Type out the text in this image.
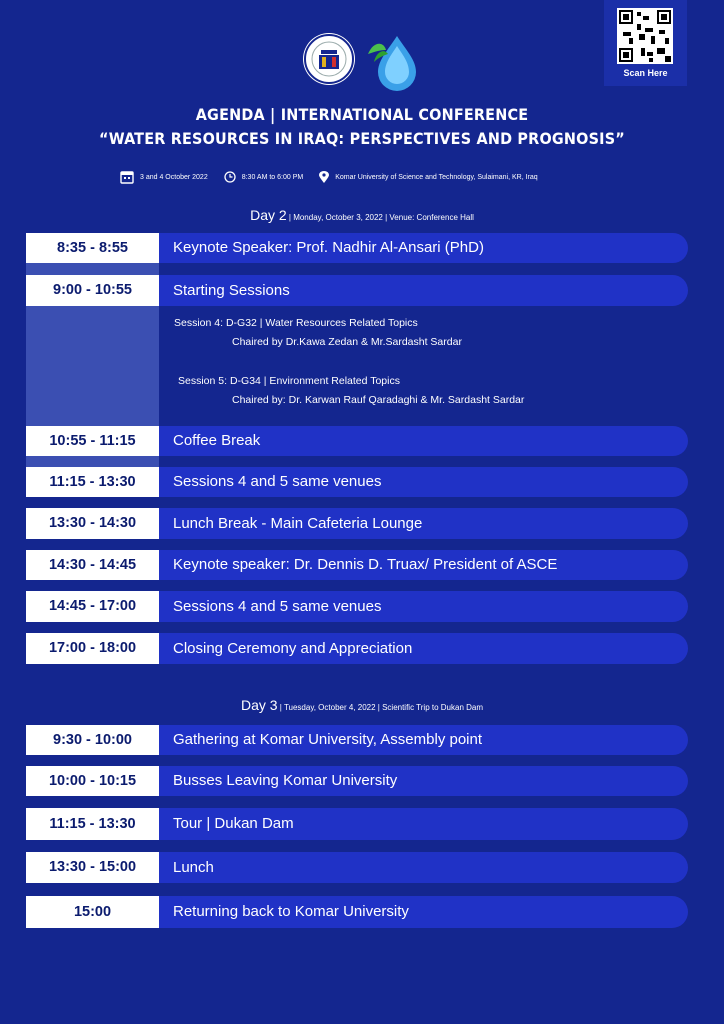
Scan Here
AGENDA | INTERNATIONAL CONFERENCE
“WATER RESOURCES IN IRAQ: PERSPECTIVES AND PROGNOSIS”
3 and 4 October 2022	8:30 AM to 6:00 PM	Komar University of Science and Technology, Sulaimani, KR, Iraq
Day 2 | Monday, October 3, 2022 | Venue: Conference Hall
8:35 - 8:55	Keynote Speaker: Prof. Nadhir Al-Ansari (PhD)
9:00 - 10:55	Starting Sessions
Session 4: D-G32 | Water Resources Related Topics
Chaired by Dr.Kawa Zedan & Mr.Sardasht Sardar
Session 5: D-G34 | Environment Related Topics
Chaired by: Dr. Karwan Rauf Qaradaghi & Mr. Sardasht Sardar
10:55 - 11:15	Coffee Break
11:15 - 13:30	Sessions 4 and 5 same venues
13:30 - 14:30	Lunch Break - Main Cafeteria Lounge
14:30 - 14:45	Keynote speaker: Dr. Dennis D. Truax/ President of ASCE
14:45 - 17:00	Sessions 4 and 5 same venues
17:00 - 18:00	Closing Ceremony and Appreciation
Day 3 | Tuesday, October 4, 2022 | Scientific Trip to Dukan Dam
9:30 - 10:00	Gathering at Komar University, Assembly point
10:00 - 10:15	Busses Leaving Komar University
11:15 - 13:30	Tour | Dukan Dam
13:30 - 15:00	Lunch
15:00	Returning back to Komar University
